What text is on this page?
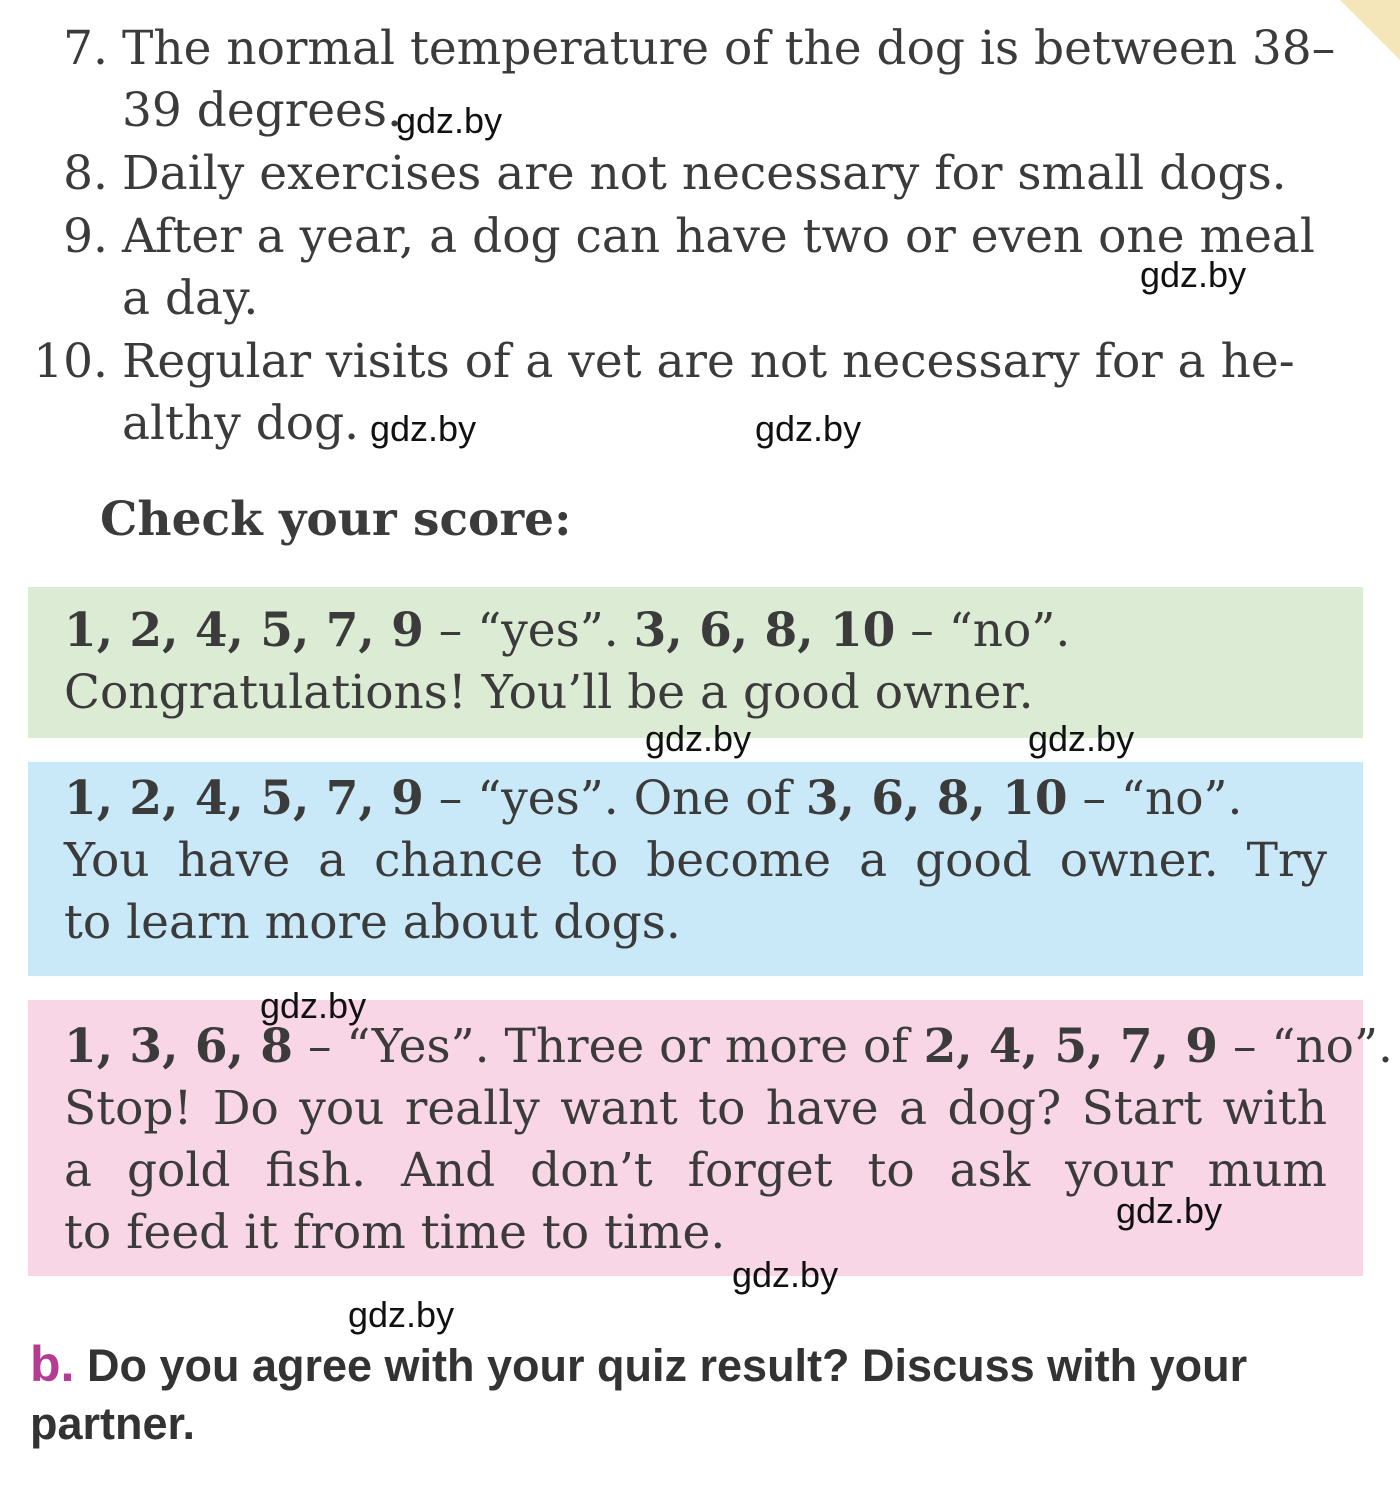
7. The normal temperature of the dog is between 38–
39 degrees.
8. Daily exercises are not necessary for small dogs.
9. After a year, a dog can have two or even one meal
a day.
10. Regular visits of a vet are not necessary for a he-
althy dog.
Check your score:
1, 2, 4, 5, 7, 9 – “yes”. 3, 6, 8, 10 – “no”.
Congratulations! You’ll be a good owner.
1, 2, 4, 5, 7, 9 – “yes”. One of 3, 6, 8, 10 – “no”.
You have a chance to become a good owner. Try
to learn more about dogs.
1, 3, 6, 8 – “Yes”. Three or more of 2, 4, 5, 7, 9 – “no”.
Stop! Do you really want to have a dog? Start with
a gold fish. And don’t forget to ask your mum
to feed it from time to time.
b. Do you agree with your quiz result? Discuss with your partner.
gdz.by
gdz.by
gdz.by	gdz.by
gdz.by	gdz.by
gdz.by
gdz.by
gdz.by
gdz.by
